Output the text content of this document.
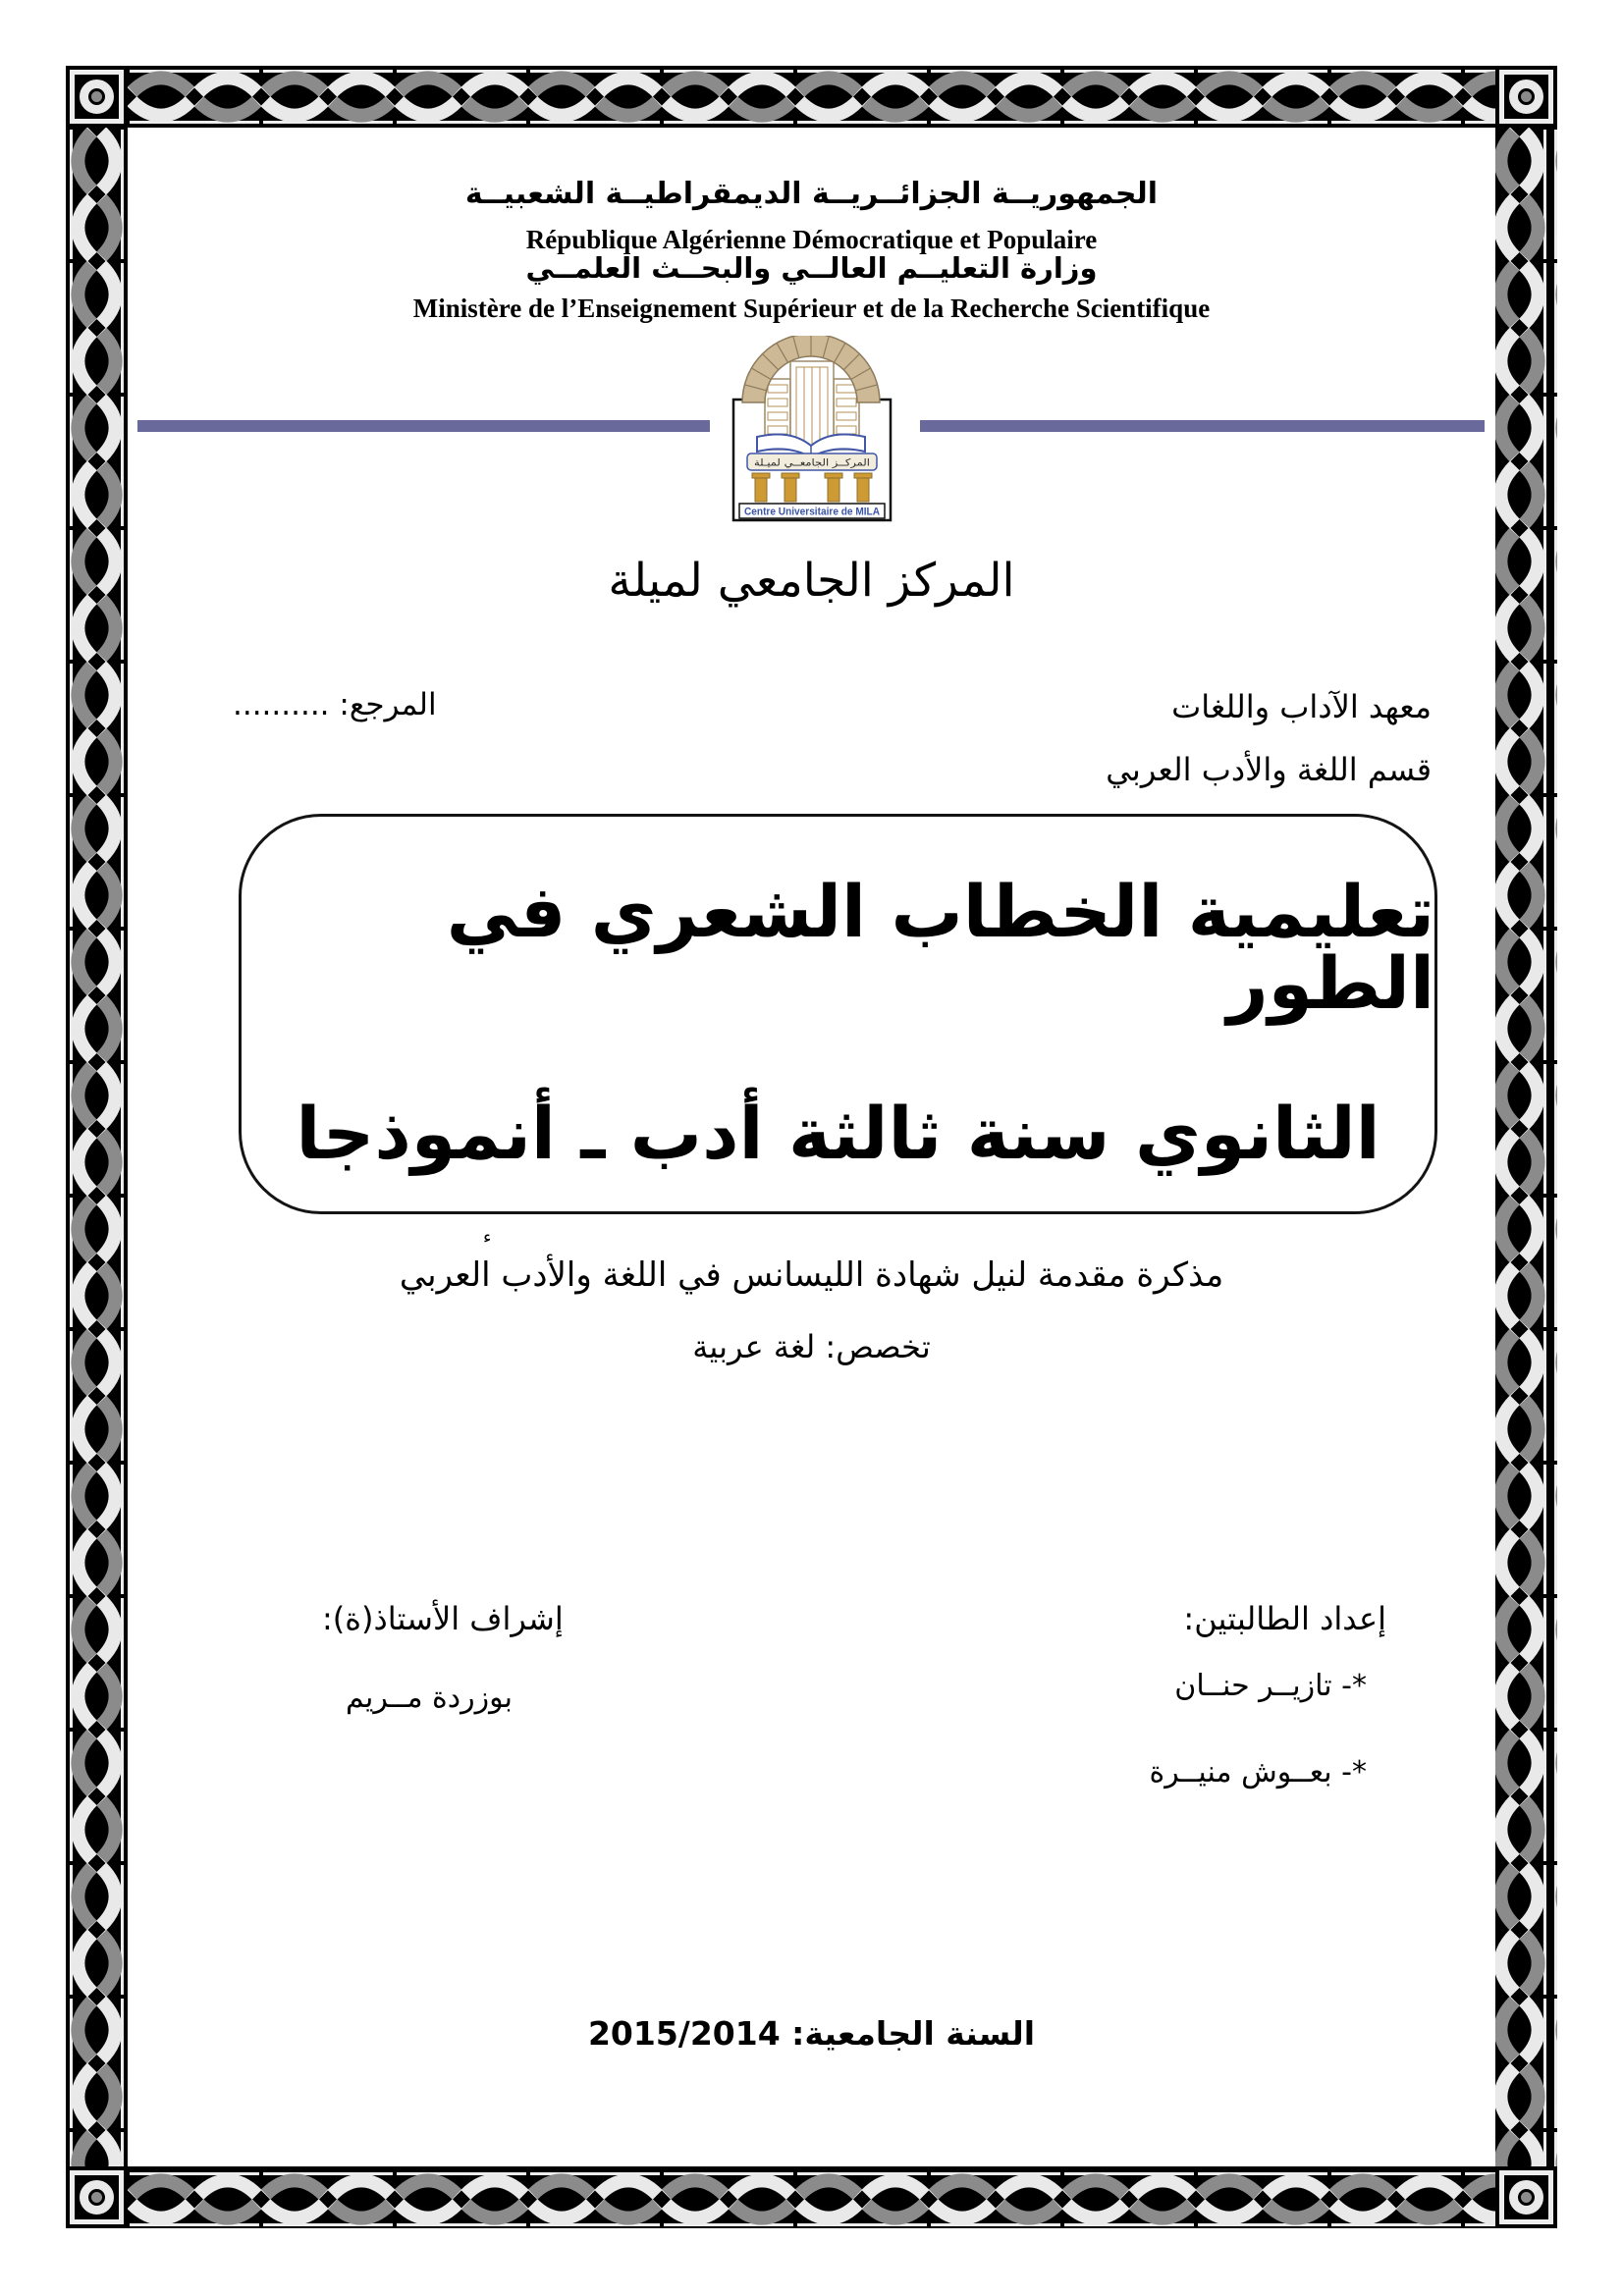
الجمهوريــة الجزائــريــة الديمقراطيــة الشعبيــة
République Algérienne Démocratique et Populaire
وزارة التعليــم العالــي والبحــث العلمــي
Ministère de l’Enseignement Supérieur et de la Recherche Scientifique
المركــز الجامعــي لميـلة
Centre Universitaire de MILA
المركز الجامعي لميلة
معهد الآداب واللغات
قسم اللغة والأدب العربي
المرجع: ..........
تعليمية الخطاب الشعري في الطور
الثانوي سنة ثالثة أدب ـ أنموذجا
ء
مذكرة مقدمة لنيل شهادة الليسانس في اللغة والأدب العربي
تخصص: لغة عربية
إعداد الطالبتين:
*- تازيــر حنــان
*- بعــوش منيــرة
إشراف الأستاذ(ة):
بوزردة مــريم
السنة الجامعية: 2015/2014
